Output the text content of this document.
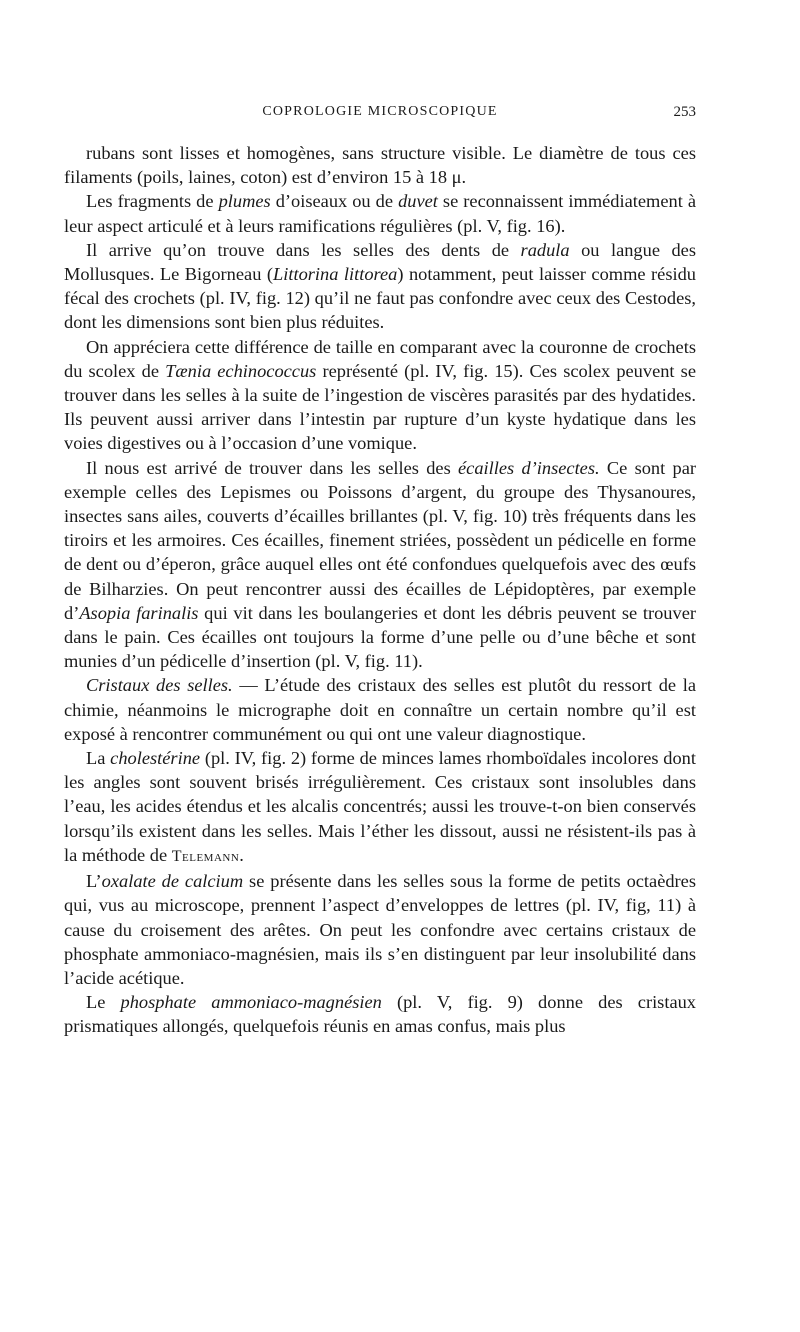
COPROLOGIE MICROSCOPIQUE	253

rubans sont lisses et homogènes, sans structure visible. Le diamètre de tous ces filaments (poils, laines, coton) est d’environ 15 à 18 μ.

Les fragments de plumes d’oiseaux ou de duvet se reconnaissent immédiatement à leur aspect articulé et à leurs ramifications régulières (pl. V, fig. 16).

Il arrive qu’on trouve dans les selles des dents de radula ou langue des Mollusques. Le Bigorneau (Littorina littorea) notamment, peut laisser comme résidu fécal des crochets (pl. IV, fig. 12) qu’il ne faut pas confondre avec ceux des Cestodes, dont les dimensions sont bien plus réduites.

On appréciera cette différence de taille en comparant avec la couronne de crochets du scolex de Tænia echinococcus représenté (pl. IV, fig. 15). Ces scolex peuvent se trouver dans les selles à la suite de l’ingestion de viscères parasités par des hydatides. Ils peuvent aussi arriver dans l’intestin par rupture d’un kyste hydatique dans les voies digestives ou à l’occasion d’une vomique.

Il nous est arrivé de trouver dans les selles des écailles d’insectes. Ce sont par exemple celles des Lepismes ou Poissons d’argent, du groupe des Thysanoures, insectes sans ailes, couverts d’écailles brillantes (pl. V, fig. 10) très fréquents dans les tiroirs et les armoires. Ces écailles, finement striées, possèdent un pédicelle en forme de dent ou d’éperon, grâce auquel elles ont été confondues quelquefois avec des œufs de Bilharzies. On peut rencontrer aussi des écailles de Lépidoptères, par exemple d’Asopia farinalis qui vit dans les boulangeries et dont les débris peuvent se trouver dans le pain. Ces écailles ont toujours la forme d’une pelle ou d’une bêche et sont munies d’un pédicelle d’insertion (pl. V, fig. 11).

Cristaux des selles. — L’étude des cristaux des selles est plutôt du ressort de la chimie, néanmoins le micrographe doit en connaître un certain nombre qu’il est exposé à rencontrer communément ou qui ont une valeur diagnostique.

La cholestérine (pl. IV, fig. 2) forme de minces lames rhomboïdales incolores dont les angles sont souvent brisés irrégulièrement. Ces cristaux sont insolubles dans l’eau, les acides étendus et les alcalis concentrés; aussi les trouve-t-on bien conservés lorsqu’ils existent dans les selles. Mais l’éther les dissout, aussi ne résistent-ils pas à la méthode de Telemann.

L’oxalate de calcium se présente dans les selles sous la forme de petits octaèdres qui, vus au microscope, prennent l’aspect d’enveloppes de lettres (pl. IV, fig, 11) à cause du croisement des arêtes. On peut les confondre avec certains cristaux de phosphate ammoniaco-magnésien, mais ils s’en distinguent par leur insolubilité dans l’acide acétique.

Le phosphate ammoniaco-magnésien (pl. V, fig. 9) donne des cristaux prismatiques allongés, quelquefois réunis en amas confus, mais plus
